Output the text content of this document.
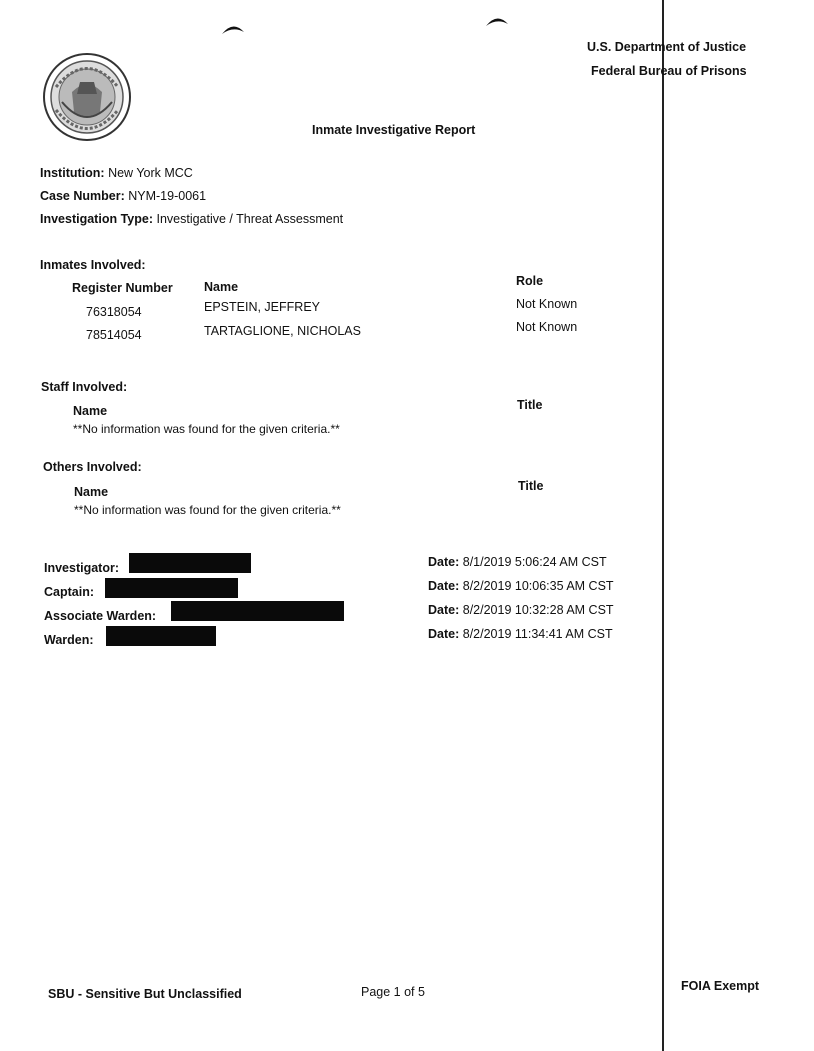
U.S. Department of Justice
Federal Bureau of Prisons
Inmate Investigative Report
Institution: New York MCC
Case Number: NYM-19-0061
Investigation Type: Investigative / Threat Assessment
Inmates Involved:
Register Number	Name	Role
76318054	EPSTEIN, JEFFREY	Not Known
78514054	TARTAGLIONE, NICHOLAS	Not Known
Staff Involved:
Name	Title
**No information was found for the given criteria.**
Others Involved:
Name	Title
**No information was found for the given criteria.**
Investigator:	Date: 8/1/2019 5:06:24 AM CST
Captain:	Date: 8/2/2019 10:06:35 AM CST
Associate Warden:	Date: 8/2/2019 10:32:28 AM CST
Warden:	Date: 8/2/2019 11:34:41 AM CST
SBU - Sensitive But Unclassified	Page 1 of 5	FOIA Exempt
